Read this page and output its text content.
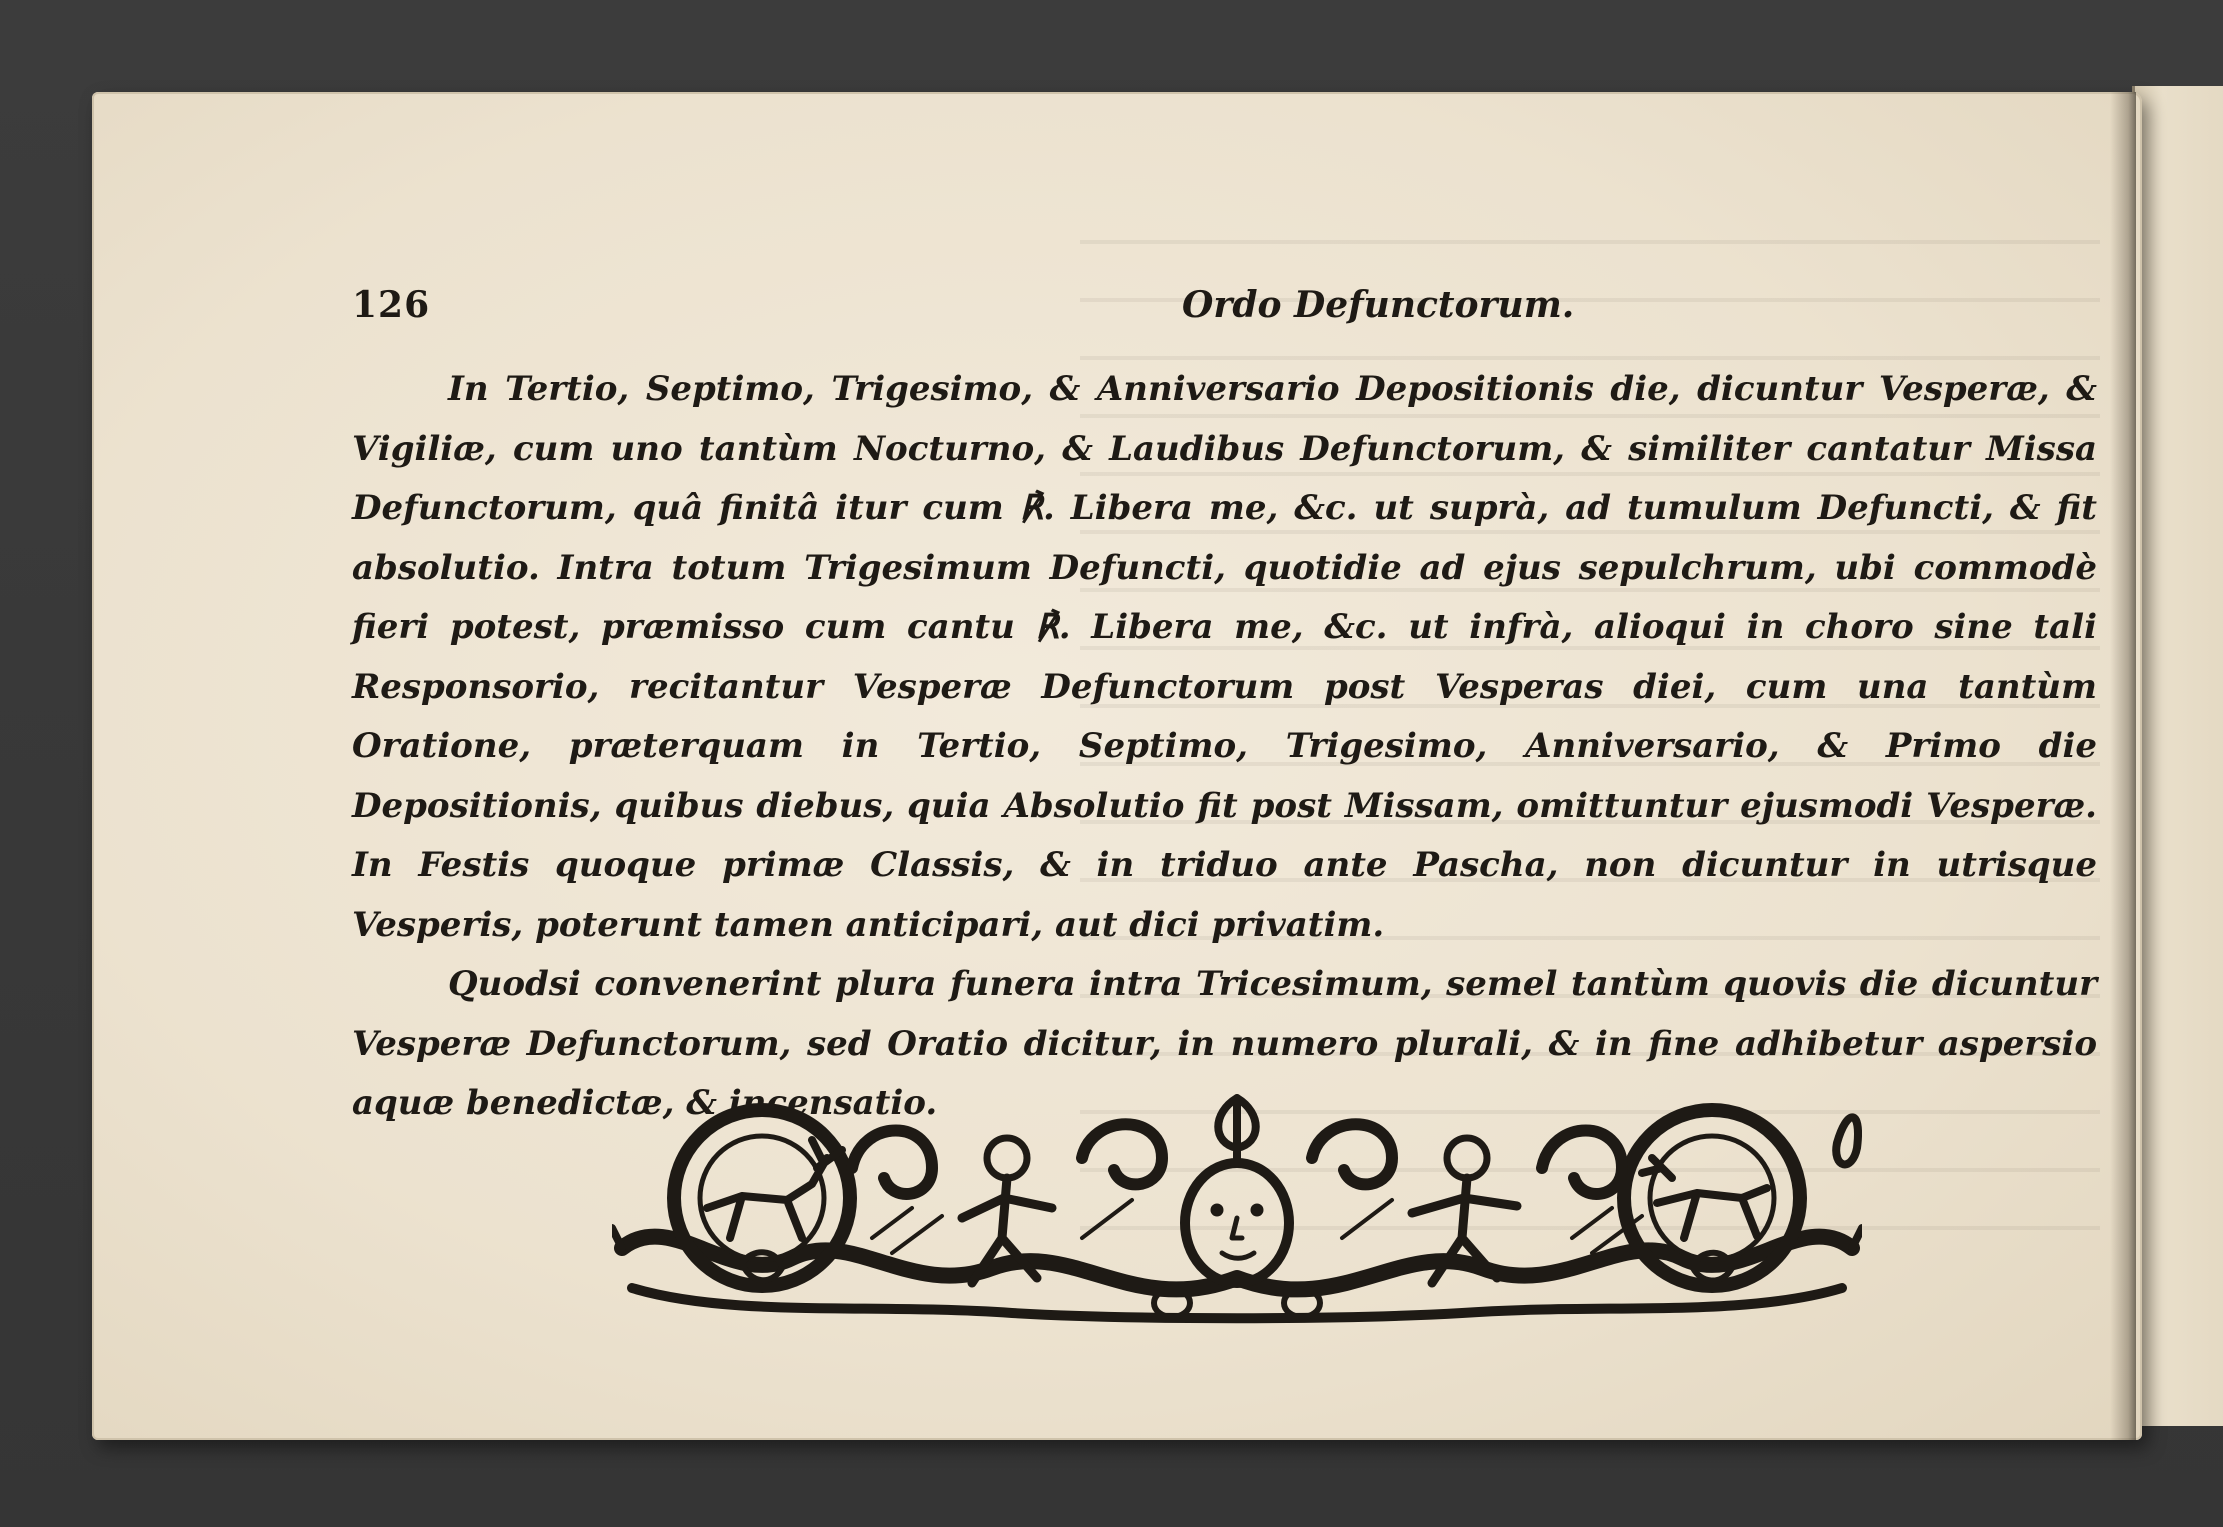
126	Ordo Defunctorum.

In Tertio, Septimo, Trigesimo, & Anniversario Depositionis die, dicuntur Vesperæ, & Vigiliæ, cum uno tantùm Nocturno, & Laudibus Defunctorum, & similiter cantatur Missa Defunctorum, quâ finitâ itur cum ℟. Libera me, &c. ut suprà, ad tumulum Defuncti, & fit absolutio. Intra totum Trigesimum Defuncti, quotidie ad ejus sepulchrum, ubi commodè fieri potest, præmisso cum cantu ℟. Libera me, &c. ut infrà, alioqui in choro sine tali Responsorio, recitantur Vesperæ Defunctorum post Vesperas diei, cum una tantùm Oratione, præterquam in Tertio, Septimo, Trigesimo, Anniversario, & Primo die Depositionis, quibus diebus, quia Absolutio fit post Missam, omittuntur ejusmodi Vesperæ. In Festis quoque primæ Classis, & in triduo ante Pascha, non dicuntur in utrisque Vesperis, poterunt tamen anticipari, aut dici privatim.

Quodsi convenerint plura funera intra Tricesimum, semel tantùm quovis die dicuntur Vesperæ Defunctorum, sed Oratio dicitur, in numero plurali, & in fine adhibetur aspersio aquæ benedictæ, & incensatio.
